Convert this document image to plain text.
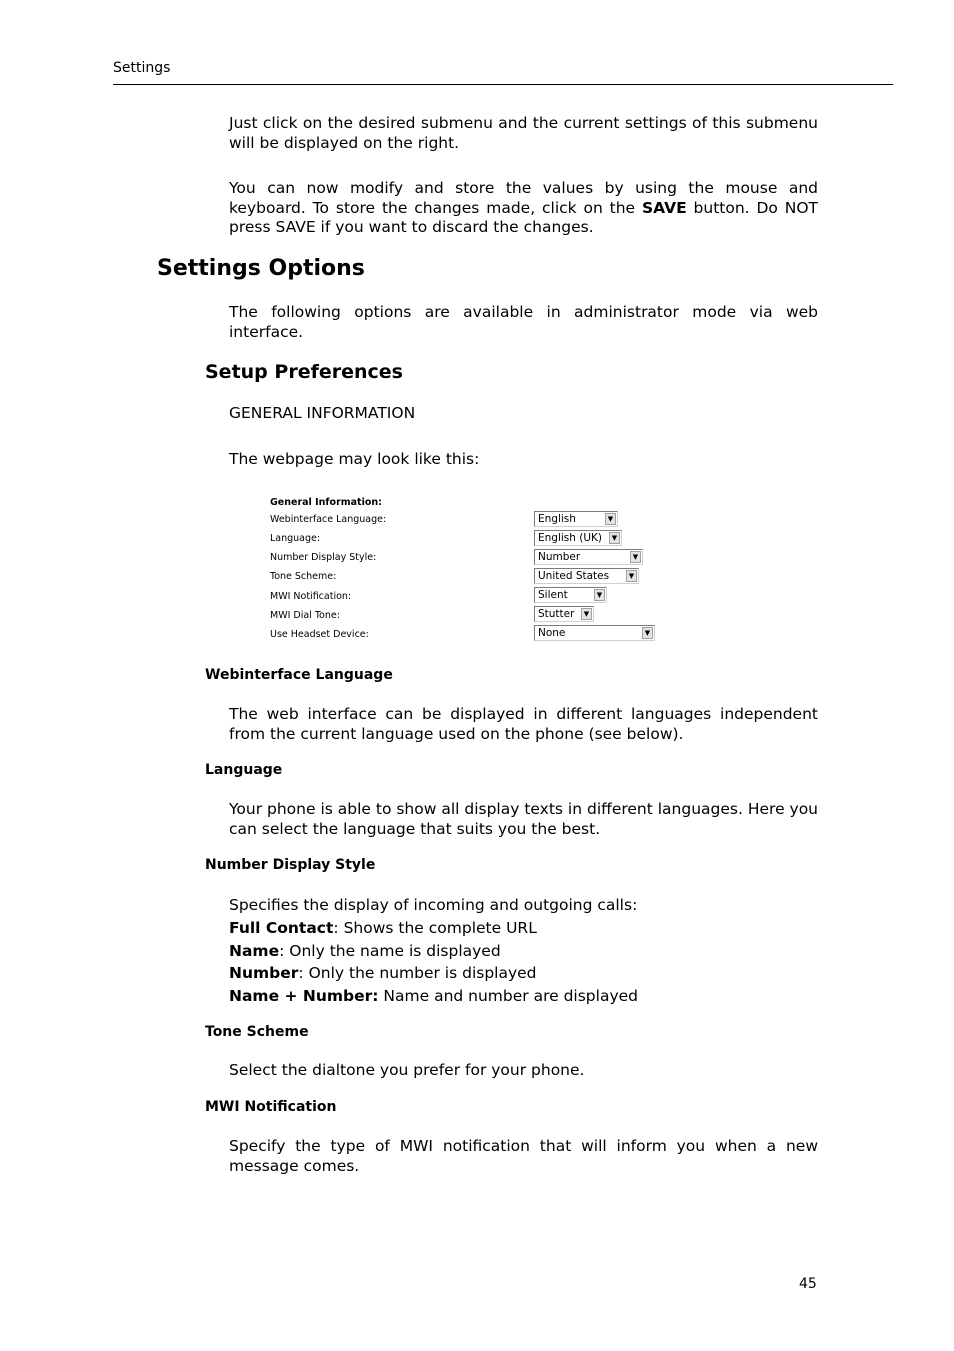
Settings
Just click on the desired submenu and the current settings of this submenu will be displayed on the right.
You can now modify and store the values by using the mouse and keyboard. To store the changes made, click on the SAVE button. Do NOT press SAVE if you want to discard the changes.
Settings Options
The following options are available in administrator mode via web interface.
Setup Preferences
GENERAL INFORMATION
The webpage may look like this:
General Information:
Webinterface Language:	English	▼
Language:	English (UK)	▼
Number Display Style:	Number	▼
Tone Scheme:	United States	▼
MWI Notification:	Silent	▼
MWI Dial Tone:	Stutter	▼
Use Headset Device:	None	▼
Webinterface Language
The web interface can be displayed in different languages independent from the current language used on the phone (see below).
Language
Your phone is able to show all display texts in different languages. Here you can select the language that suits you the best.
Number Display Style
Specifies the display of incoming and outgoing calls:
Full Contact: Shows the complete URL
Name: Only the name is displayed
Number: Only the number is displayed
Name + Number: Name and number are displayed
Tone Scheme
Select the dialtone you prefer for your phone.
MWI Notification
Specify the type of MWI notification that will inform you when a new message comes.
45
